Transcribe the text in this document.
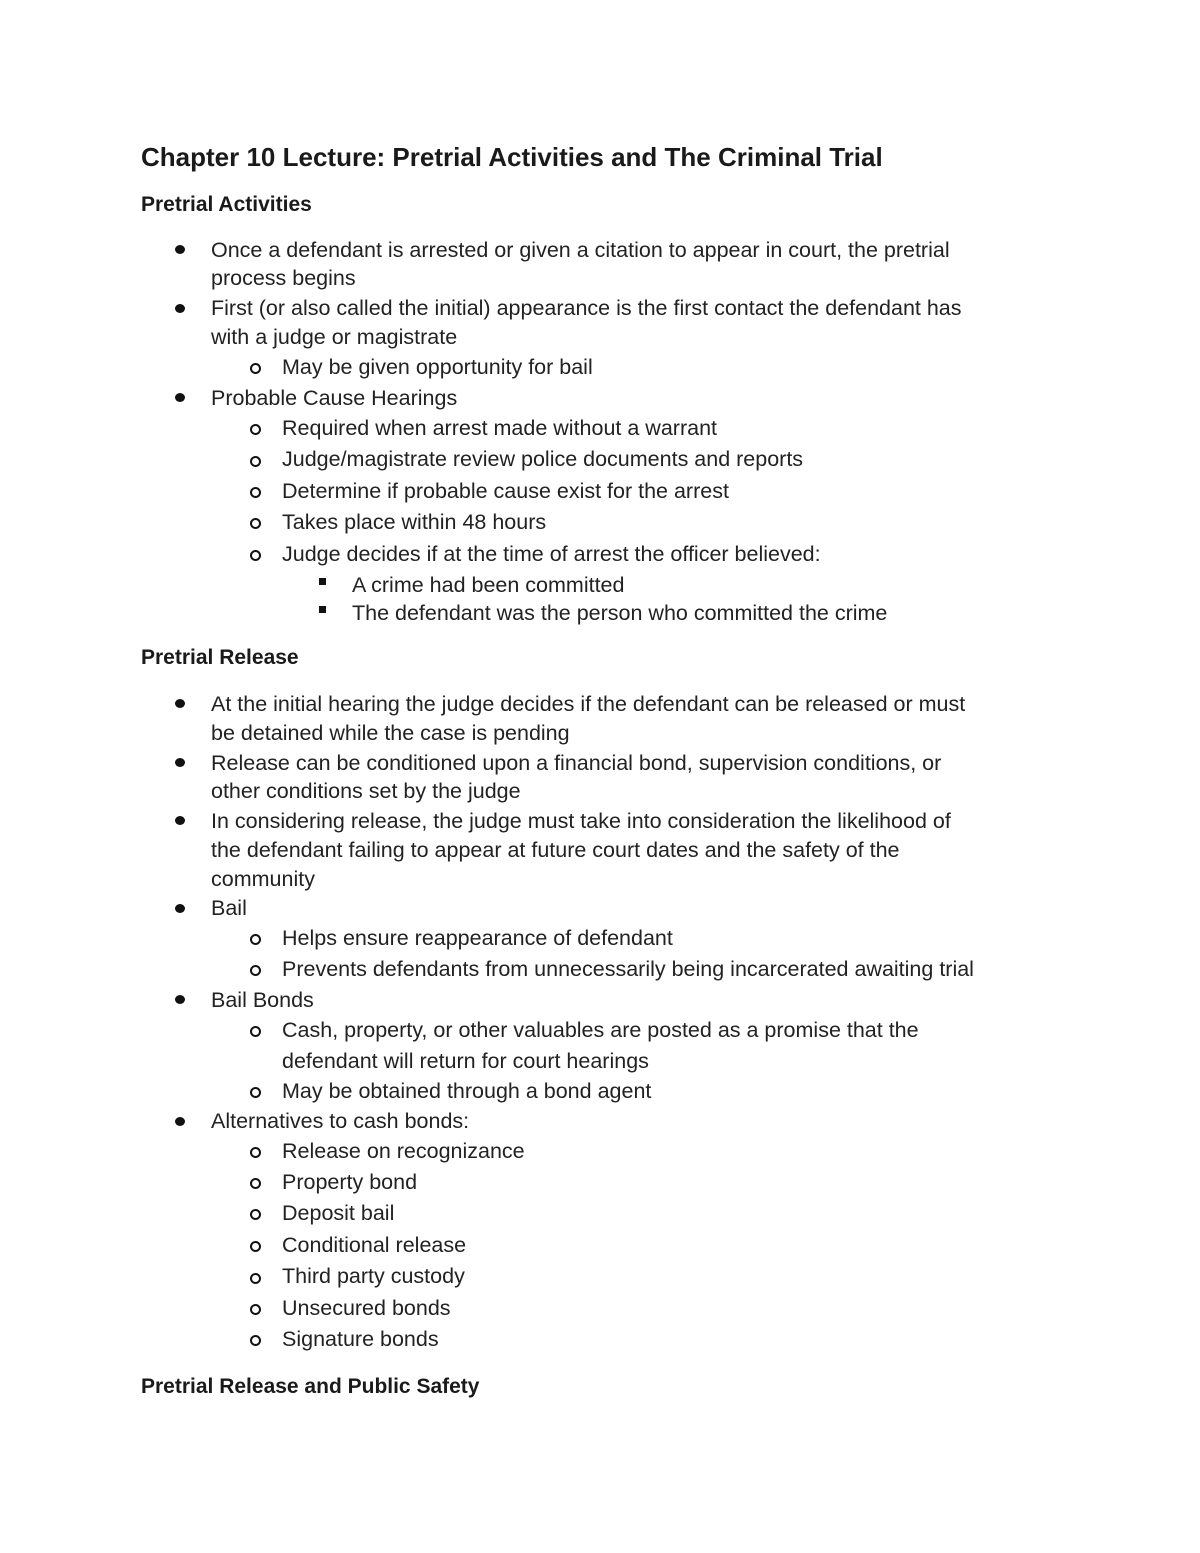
Chapter 10 Lecture: Pretrial Activities and The Criminal Trial
Pretrial Activities

Once a defendant is arrested or given a citation to appear in court, the pretrial

process begins

First (or also called the initial) appearance is the first contact the defendant has

with a judge or magistrate

May be given opportunity for bail

Probable Cause Hearings

Required when arrest made without a warrant

Judge/magistrate review police documents and reports

Determine if probable cause exist for the arrest

Takes place within 48 hours

Judge decides if at the time of arrest the officer believed:

A crime had been committed

The defendant was the person who committed the crime

Pretrial Release

At the initial hearing the judge decides if the defendant can be released or must

be detained while the case is pending

Release can be conditioned upon a financial bond, supervision conditions, or

other conditions set by the judge

In considering release, the judge must take into consideration the likelihood of

the defendant failing to appear at future court dates and the safety of the

community

Bail

Helps ensure reappearance of defendant

Prevents defendants from unnecessarily being incarcerated awaiting trial

Bail Bonds

Cash, property, or other valuables are posted as a promise that the

defendant will return for court hearings

May be obtained through a bond agent

Alternatives to cash bonds:

Release on recognizance

Property bond

Deposit bail

Conditional release

Third party custody

Unsecured bonds

Signature bonds

Pretrial Release and Public Safety
